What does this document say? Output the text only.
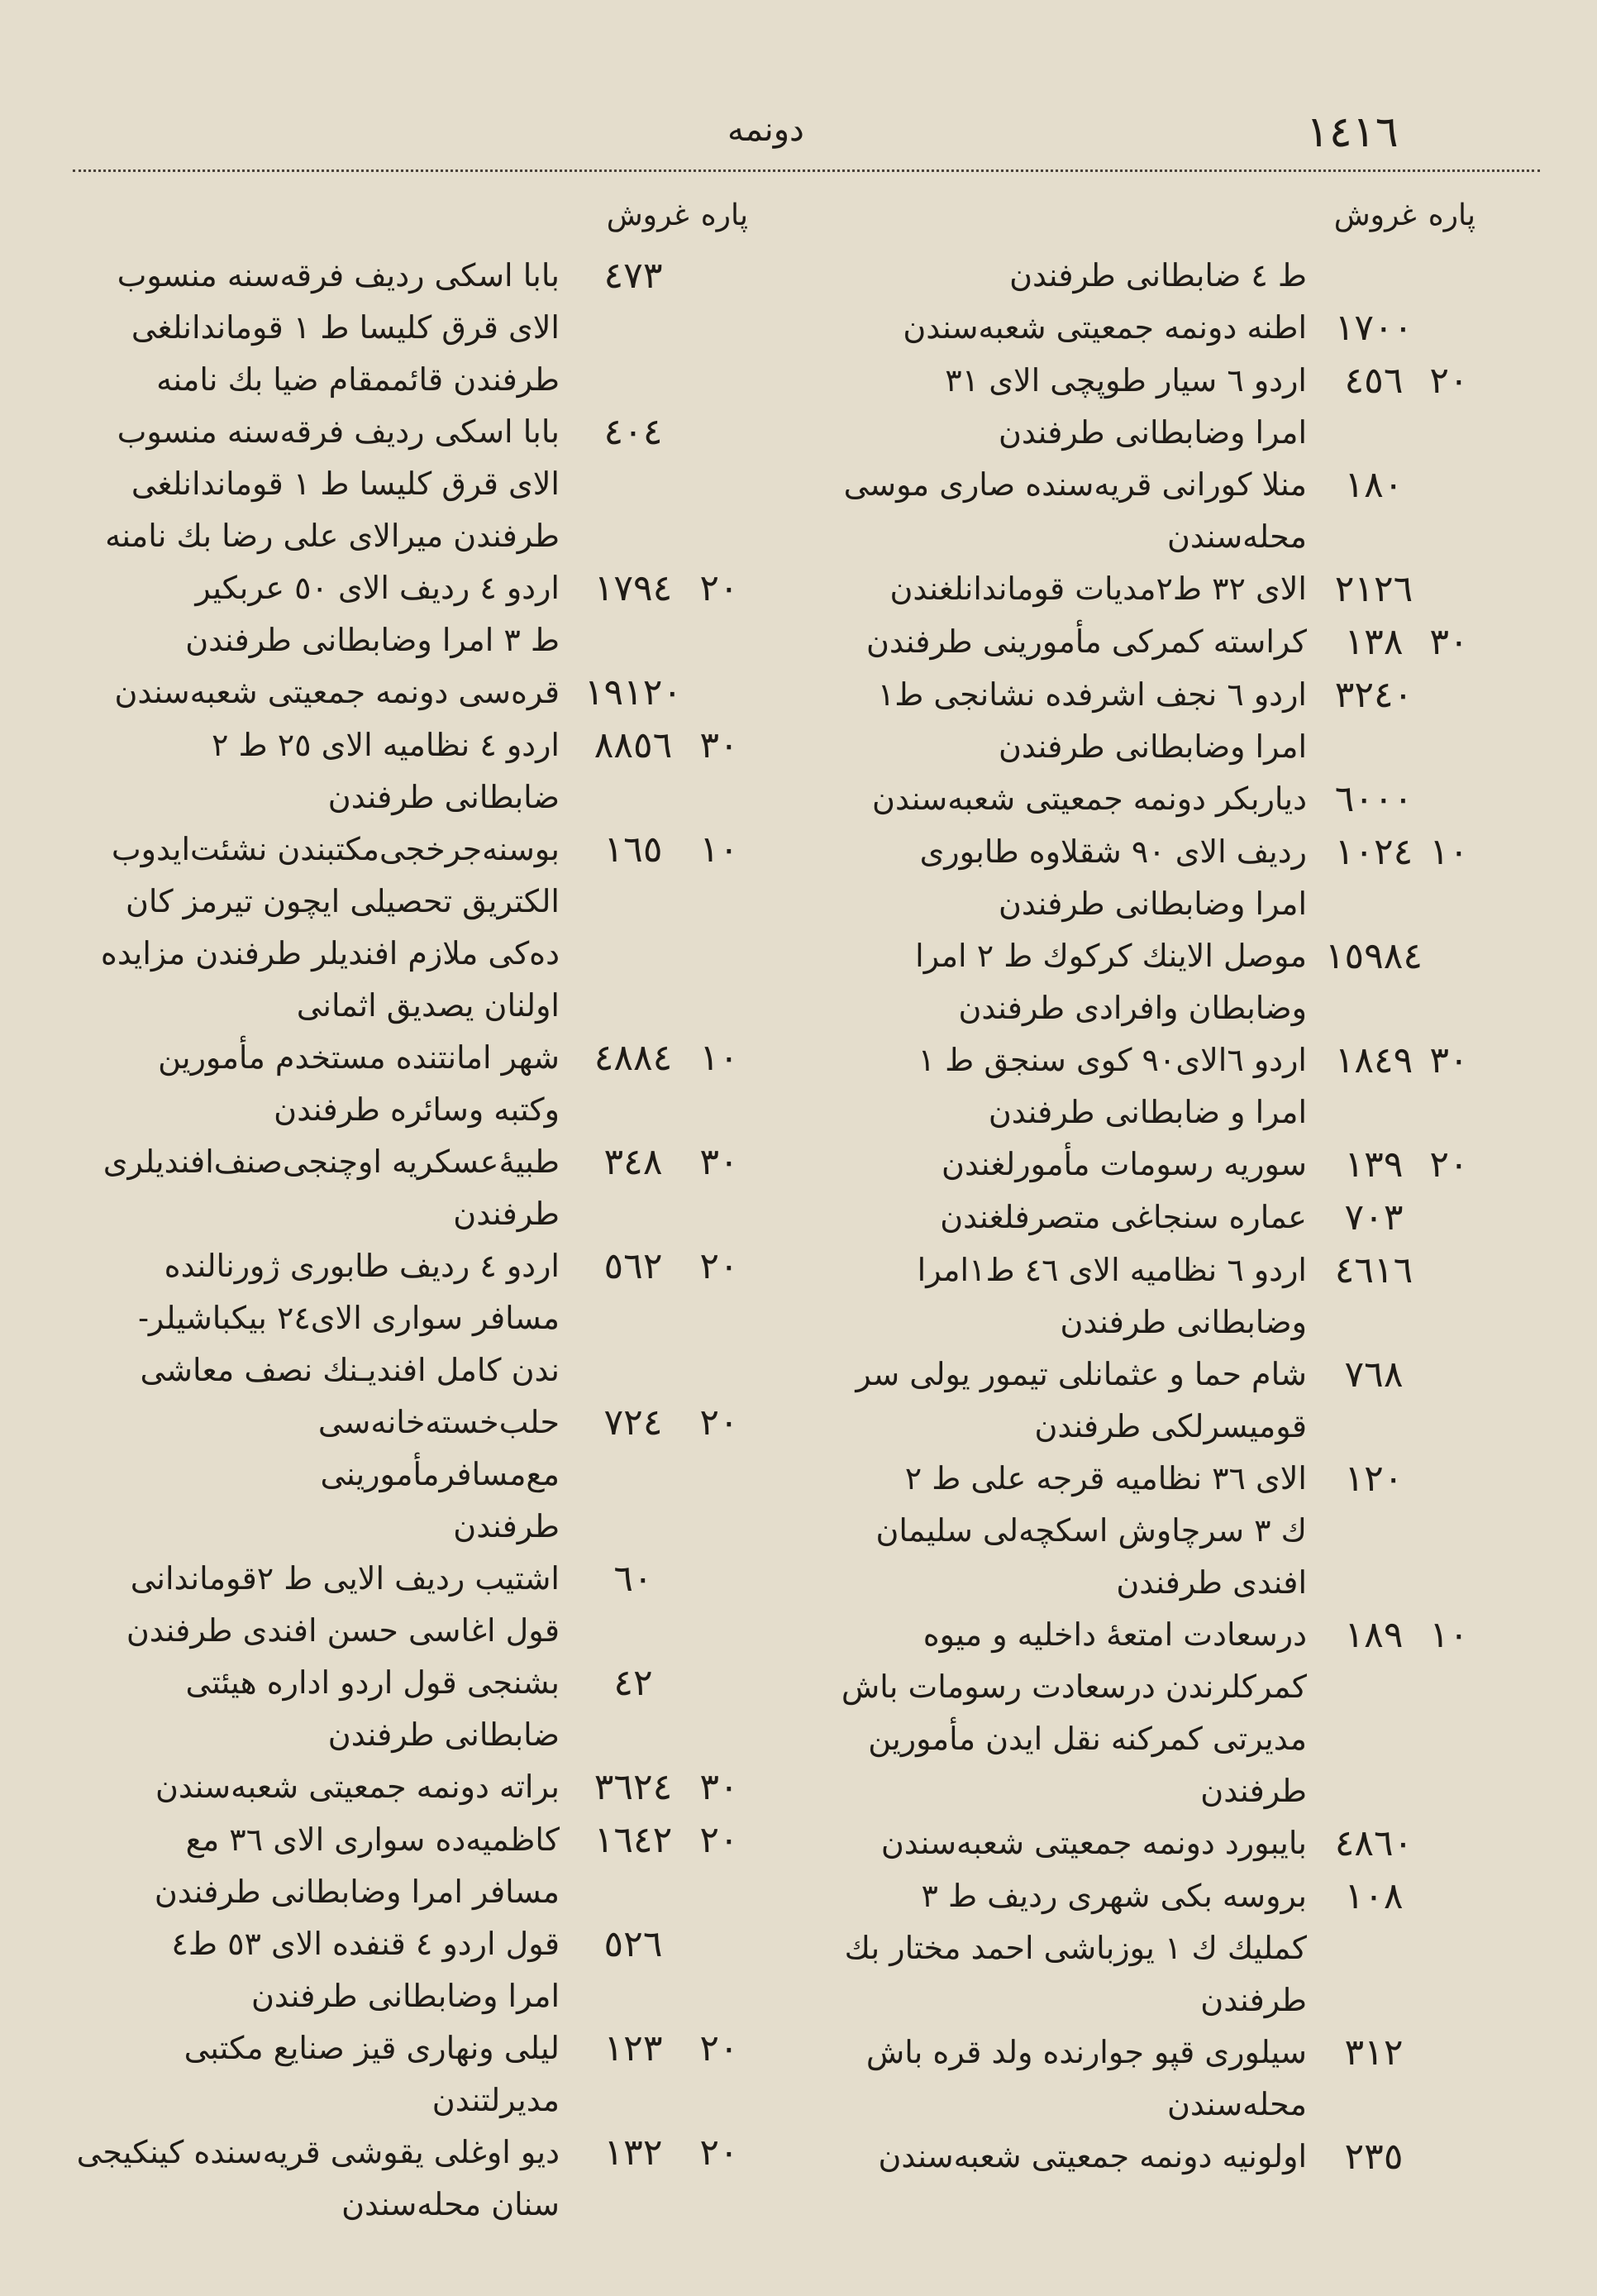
١٤١٦
دونمه
پاره
غروش
ط ٤ ضابطانى طرفندن
١٧٠٠
اطنه دونمه جمعيتى شعبه‌سندن
٢٠
٤٥٦
اردو ٦ سيار طوپچى الاى ٣١
امرا وضابطانى طرفندن
١٨٠
منلا كورانى قريه‌سنده صارى موسى
محله‌سندن
٢١٢٦
الاى ٣٢ ط٢مديات قوماندانلغندن
٣٠
١٣٨
كراسته كمركى مأمورينى طرفندن
٣٢٤٠
اردو ٦ نجف اشرفده نشانجى ط١
امرا وضابطانى طرفندن
٦٠٠٠
دياربكر دونمه جمعيتى شعبه‌سندن
١٠
١٠٢٤
رديف الاى ٩٠ شقلاوه طابورى
امرا وضابطانى طرفندن
١٥٩٨٤
موصل الاينك كركوك ط ٢ امرا
وضابطان وافرادى طرفندن
٣٠
١٨٤٩
اردو ٦الاى٩٠ كوى سنجق ط ١
امرا و ضابطانى طرفندن
٢٠
١٣٩
سوريه رسومات مأمورلغندن
٧٠٣
عماره سنجاغى متصرفلغندن
٤٦١٦
اردو ٦ نظاميه الاى ٤٦ ط١امرا
وضابطانى طرفندن
٧٦٨
شام حما و عثمانلى تيمور يولى سر
قوميسرلكى طرفندن
١٢٠
الاى ٣٦ نظاميه قرجه على ط ٢
ك ٣ سرچاوش اسكچه‌لى سليمان
افندى طرفندن
١٠
١٨٩
درسعادت امتعهٔ داخليه و ميوه
كمركلرندن درسعادت رسومات باش
مديرتى كمركنه نقل ايدن مأمورين
طرفندن
٤٨٦٠
بايبورد دونمه جمعيتى شعبه‌سندن
١٠٨
بروسه بكى شهرى رديف ط ٣
كمليك ك ١ يوزباشى احمد مختار بك
طرفندن
٣١٢
سيلورى قپو جوارنده ولد قره باش
محله‌سندن
٢٣٥
اولونيه دونمه جمعيتى شعبه‌سندن
پاره
غروش
٤٧٣
بابا اسكى رديف فرقه‌سنه منسوب
الاى قرق كليسا ط ١ قوماندانلغى
طرفندن قائممقام ضيا بك نامنه
٤٠٤
بابا اسكى رديف فرقه‌سنه منسوب
الاى قرق كليسا ط ١ قوماندانلغى
طرفندن ميرالاى على رضا بك نامنه
٢٠
١٧٩٤
اردو ٤ رديف الاى ٥٠ عربكير
ط ٣ امرا وضابطانى طرفندن
١٩١٢٠
قرەسى دونمه جمعيتى شعبه‌سندن
٣٠
٨٨٥٦
اردو ٤ نظاميه الاى ٢٥ ط ٢
ضابطانى طرفندن
١٠
١٦٥
بوسنه‌جرخجى‌مكتبندن نشئت‌ايدوب
الكتريق تحصيلى ايچون تيرمز كان
ده‌كى ملازم افنديلر طرفندن مزايده
اولنان يصديق اثمانى
١٠
٤٨٨٤
شهر امانتنده مستخدم مأمورين
وكتبه وسائره طرفندن
٣٠
٣٤٨
طبيهٔ‌عسكريه اوچنجى‌صنف‌افنديلرى
طرفندن
٢٠
٥٦٢
اردو ٤ رديف طابورى ژورنالنده
مسافر سوارى الاى٢٤ بيكباشيلر-
ندن كامل افنديـنك نصف معاشى
٢٠
٧٢٤
حلب‌خسته‌خانه‌سى مع‌مسافرمأمورينى
طرفندن
٦٠
اشتيب رديف الايى ط ٢قوماندانى
قول اغاسى حسن افندى طرفندن
٤٢
بشنجى قول اردو اداره هيئتى
ضابطانى طرفندن
٣٠
٣٦٢٤
براته دونمه جمعيتى شعبه‌سندن
٢٠
١٦٤٢
كاظميه‌ده سوارى الاى ٣٦ مع
مسافر امرا وضابطانى طرفندن
٥٢٦
قول اردو ٤ قنفده الاى ٥٣ ط٤
امرا وضابطانى طرفندن
٢٠
١٢٣
ليلى ونهارى قيز صنايع مكتبى
مديرلتندن
٢٠
١٣٢
ديو اوغلى يقوشى قريه‌سنده كينكيجى
سنان محله‌سندن
